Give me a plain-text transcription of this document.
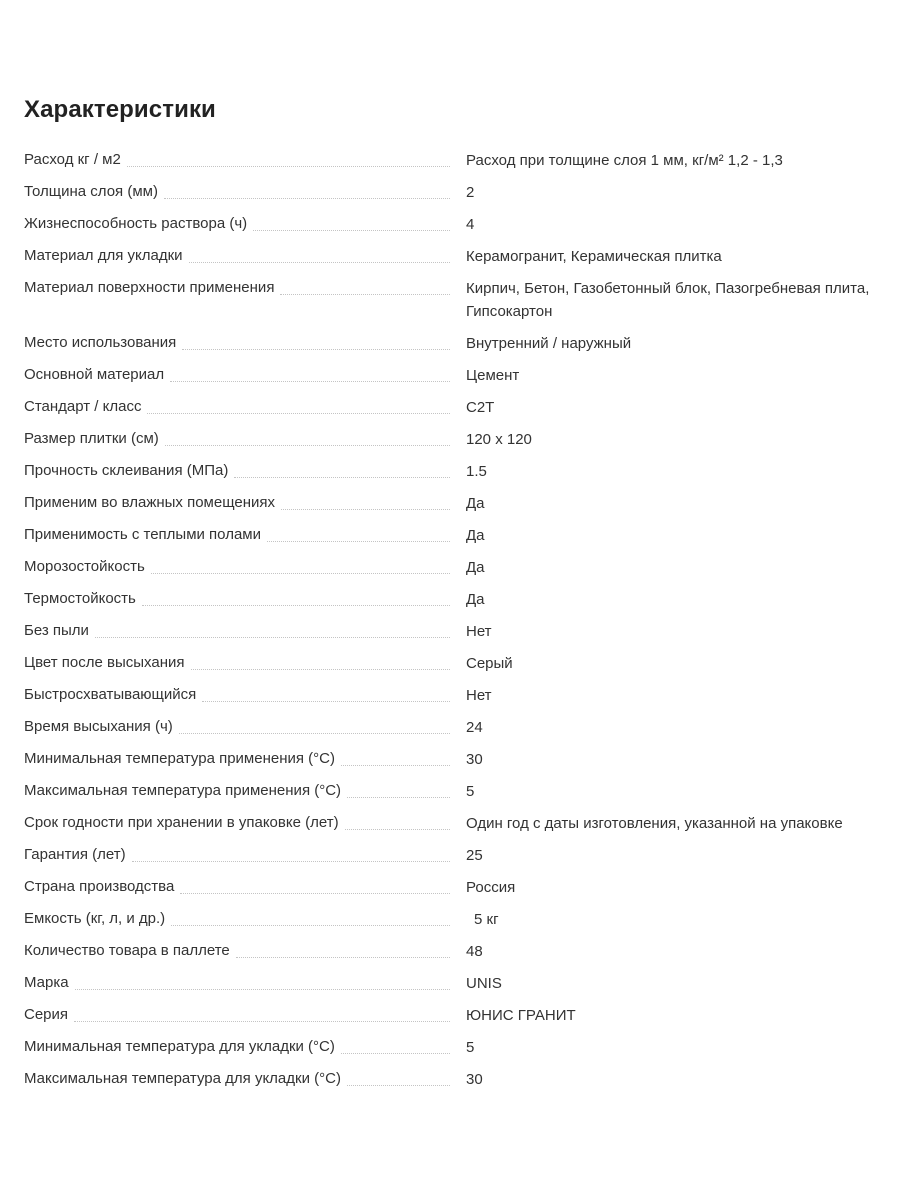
Характеристики
Расход кг / м2	Расход при толщине слоя 1 мм, кг/м² 1,2 - 1,3
Толщина слоя (мм)	2
Жизнеспособность раствора (ч)	4
Материал для укладки	Керамогранит, Керамическая плитка
Материал поверхности применения	Кирпич, Бетон, Газобетонный блок, Пазогребневая плита, Гипсокартон
Место использования	Внутренний / наружный
Основной материал	Цемент
Стандарт / класс	С2Т
Размер плитки (см)	120 x 120
Прочность склеивания (МПа)	1.5
Применим во влажных помещениях	Да
Применимость с теплыми полами	Да
Морозостойкость	Да
Термостойкость	Да
Без пыли	Нет
Цвет после высыхания	Серый
Быстросхватывающийся	Нет
Время высыхания (ч)	24
Минимальная температура применения (°C)	30
Максимальная температура применения (°C)	5
Срок годности при хранении в упаковке (лет)	Один год с даты изготовления, указанной на упаковке
Гарантия (лет)	25
Страна производства	Россия
Емкость (кг, л, и др.)	5 кг
Количество товара в паллете	48
Марка	UNIS
Серия	ЮНИС ГРАНИТ
Минимальная температура для укладки (°C)	5
Максимальная температура для укладки (°C)	30
